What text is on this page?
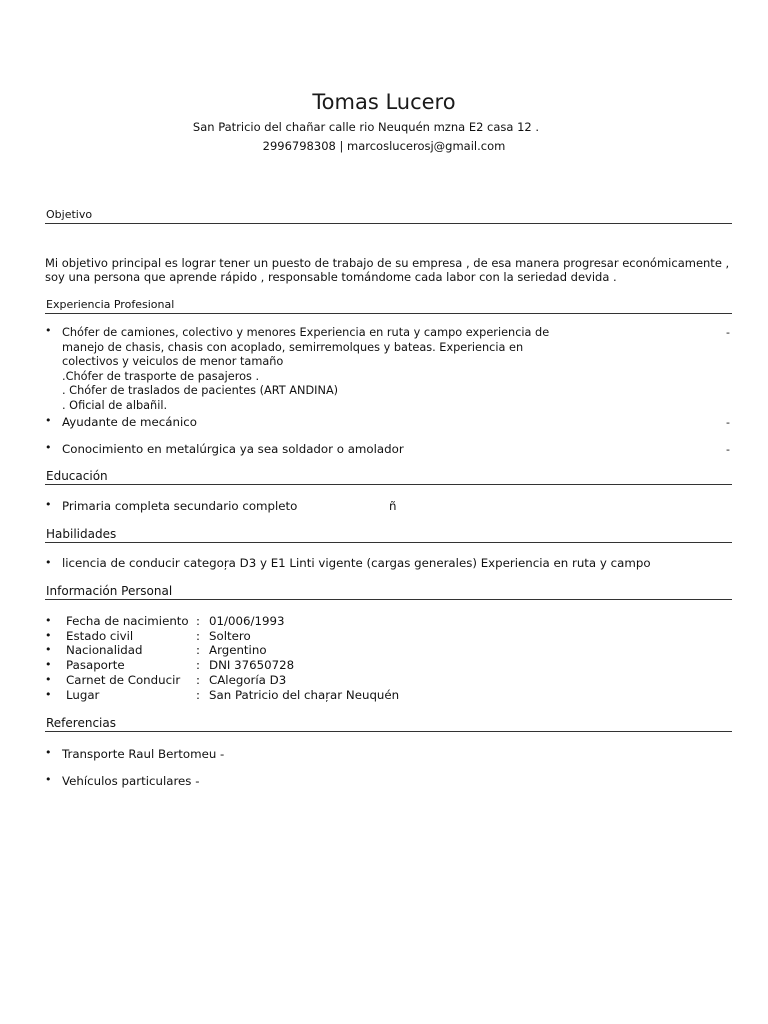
Tomas Lucero
San Patricio del chañar calle rio Neuquén mzna E2 casa 12 .
2996798308 | marcoslucerosj@gmail.com
Objetivo
Mi objetivo principal es lograr tener un puesto de trabajo de su empresa , de esa manera progresar económicamente ,
soy una persona que aprende rápido , responsable tomándome cada labor con la seriedad devida .
Experiencia Profesional
• Chófer de camiones, colectivo y menores Experiencia en ruta y campo experiencia de
manejo de chasis, chasis con acoplado, semirremolques y bateas. Experiencia en
colectivos y veiculos de menor tamaño
.Chófer de trasporte de pasajeros .
. Chófer de traslados de pacientes (ART ANDINA)
. Oficial de albañil.
-
• Ayudante de mecánico	-
• Conocimiento en metalúrgica ya sea soldador o amolador	-
Educación
• Primaria completa secundario completo	ñ
Habilidades
• licencia de conducir categoŗa D3 y E1 Linti vigente (cargas generales) Experiencia en ruta y campo
Información Personal
• Fecha de nacimiento : 01/006/1993
• Estado civil	: Soltero
• Nacionalidad	: Argentino
• Pasaporte	: DNI 37650728
• Carnet de Conducir : CAlegoría D3
• Lugar	: San Patricio del chaŗar Neuquén
Referencias
• Transporte Raul Bertomeu -
• Vehículos particulares -
